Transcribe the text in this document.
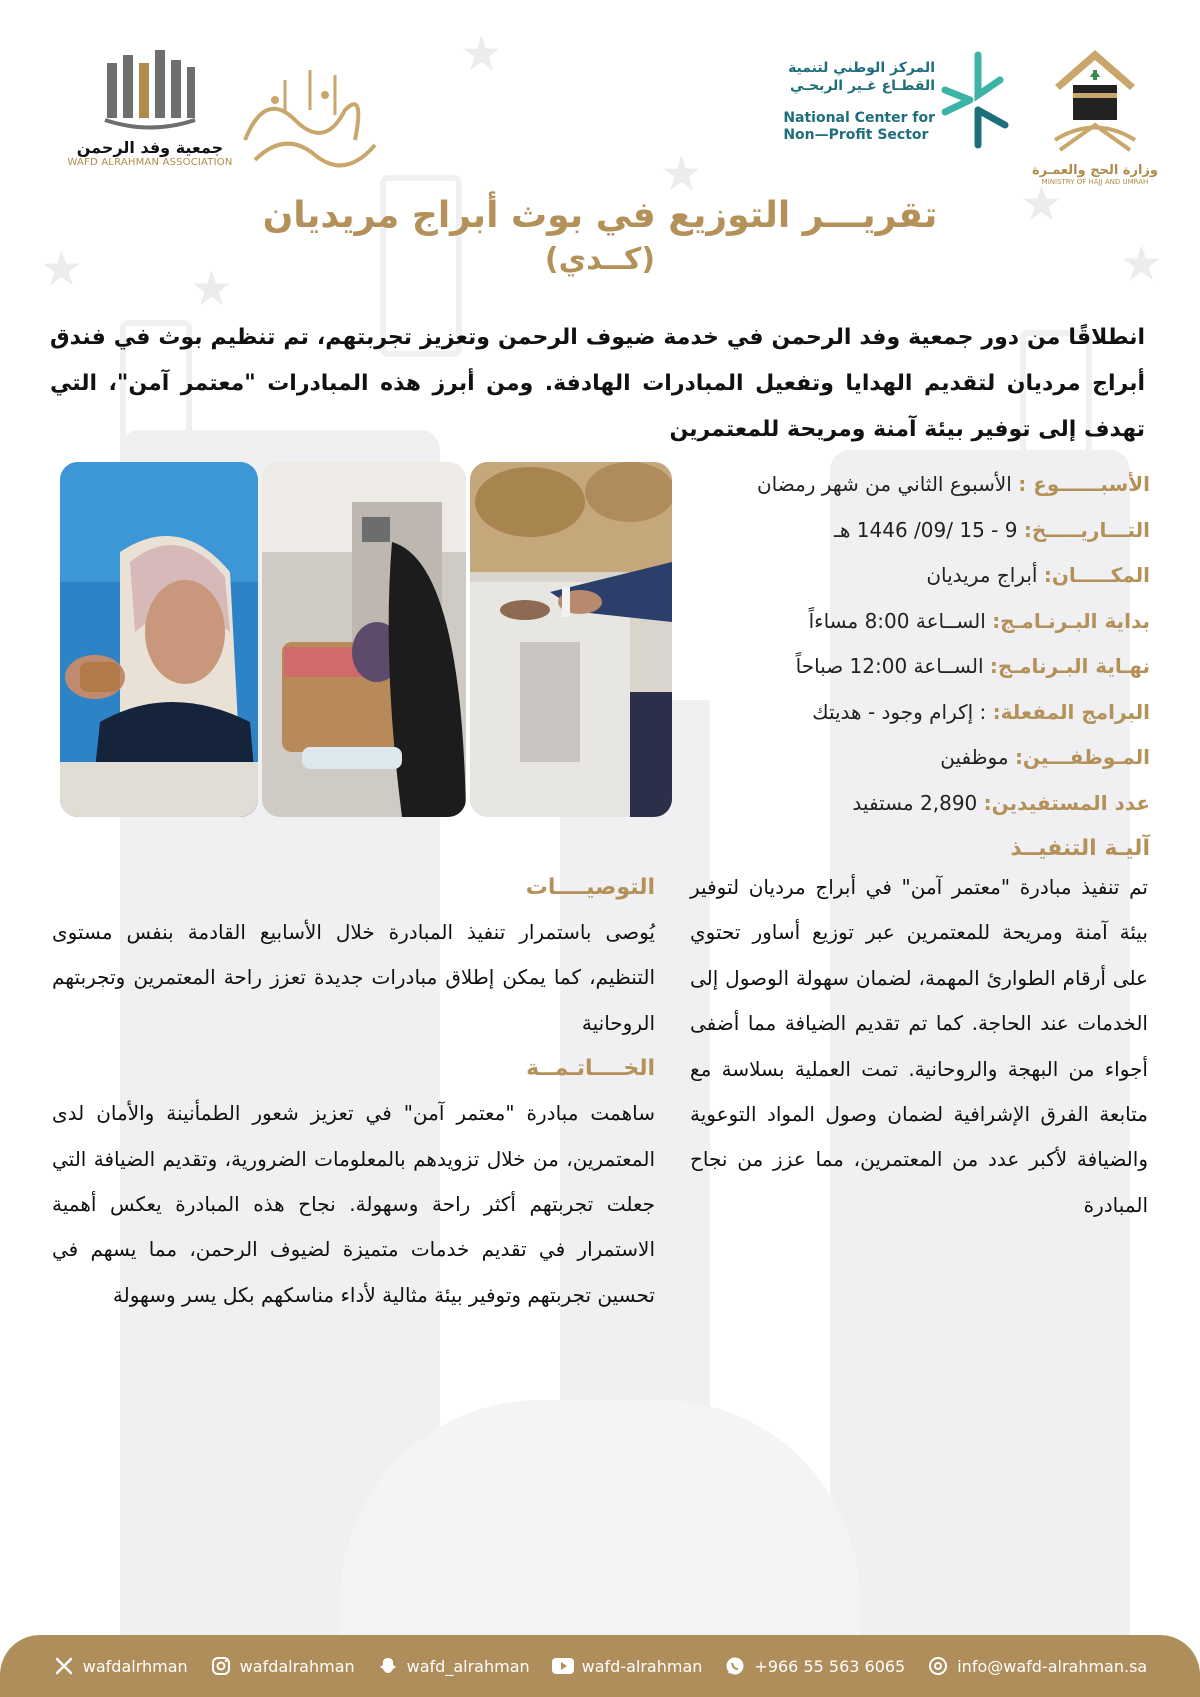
★
★ ★
★
★
★
جمعية وفد الرحمن
WAFD ALRAHMAN ASSOCIATION
المركز الوطني لتنمية
القطـاع غـير الربحـي
National Center for
Non—Profit Sector
وزارة الحج والعمـرة
MINISTRY OF HAJJ AND UMRAH
تقريـــر التوزيع في بوث أبراج مريديان
(كــدي)

انطلاقًا من دور جمعية وفد الرحمن في خدمة ضيوف الرحمن وتعزيز تجربتهم، تم تنظيم بوث في فندق أبراج مرديان لتقديم الهدايا وتفعيل المبادرات الهادفة. ومن أبرز هذه المبادرات "معتمر آمن"، التي تهدف إلى توفير بيئة آمنة ومريحة للمعتمرين

الأسبــــــوع : الأسبوع الثاني من شهر رمضان
التـــاريـــــخ: 9 - 15 /09/ 1446 هـ
المكـــــان: أبراج مريديان
بداية البـرنـامـج: الســاعة 8:00 مساءاً
نهـاية البـرنامـج: الســاعة 12:00 صباحاً
البرامج المفعلة: : إكرام وجود - هديتك
المـوظفـــين: موظفين
عدد المستفيدين: 2,890 مستفيد
آليـة التنفيــذ
تم تنفيذ مبادرة "معتمر آمن" في أبراج مرديان لتوفير بيئة آمنة ومريحة للمعتمرين عبر توزيع أساور تحتوي على أرقام الطوارئ المهمة، لضمان سهولة الوصول إلى الخدمات عند الحاجة. كما تم تقديم الضيافة مما أضفى أجواء من البهجة والروحانية. تمت العملية بسلاسة مع متابعة الفرق الإشرافية لضمان وصول المواد التوعوية والضيافة لأكبر عدد من المعتمرين، مما عزز من نجاح المبادرة
التوصيــــات
يُوصى باستمرار تنفيذ المبادرة خلال الأسابيع القادمة بنفس مستوى التنظيم، كما يمكن إطلاق مبادرات جديدة تعزز راحة المعتمرين وتجربتهم الروحانية
الخــــاتـمــة
ساهمت مبادرة "معتمر آمن" في تعزيز شعور الطمأنينة والأمان لدى المعتمرين، من خلال تزويدهم بالمعلومات الضرورية، وتقديم الضيافة التي جعلت تجربتهم أكثر راحة وسهولة. نجاح هذه المبادرة يعكس أهمية الاستمرار في تقديم خدمات متميزة لضيوف الرحمن، مما يسهم في تحسين تجربتهم وتوفير بيئة مثالية لأداء مناسكهم بكل يسر وسهولة
info@wafd-alrahman.sa
+966 55 563 6065
wafd-alrahman
wafd_alrahman
wafdalrahman
wafdalrhman
